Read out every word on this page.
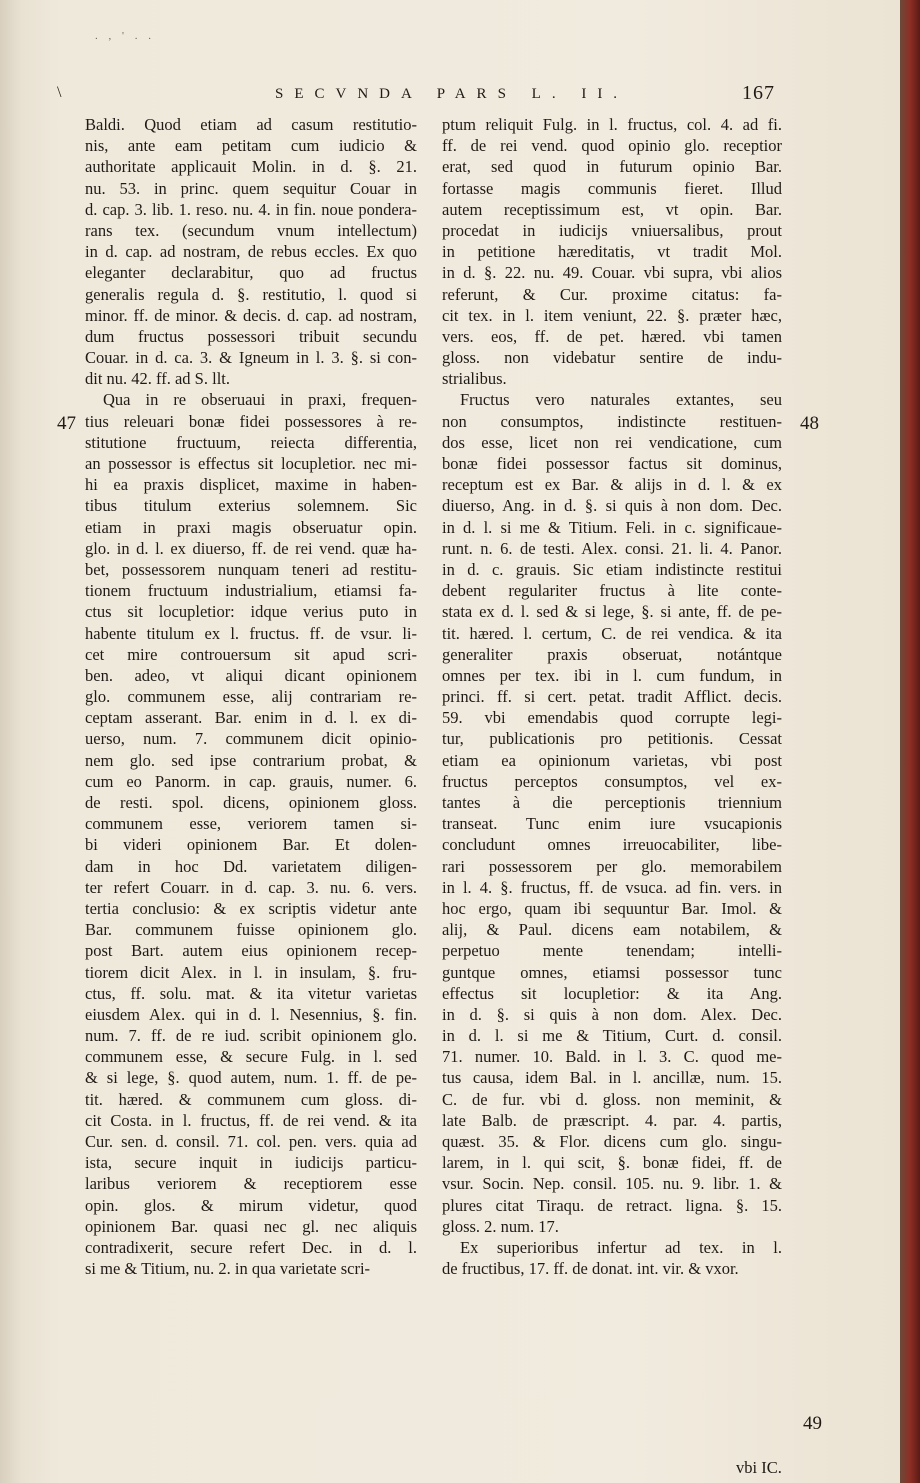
. , ' . .
\	SECVNDA PARS L. II.	167
47	48
49
Baldi. Quod etiam ad casum restitutio-
nis, ante eam petitam cum iudicio &
authoritate applicauit Molin. in d. §. 21.
nu. 53. in princ. quem sequitur Couar in
d. cap. 3. lib. 1. reso. nu. 4. in fin. noue pondera-
rans tex. (secundum vnum intellectum)
in d. cap. ad nostram, de rebus eccles. Ex quo
eleganter declarabitur, quo ad fructus
generalis regula d. §. restitutio, l. quod si
minor. ff. de minor. & decis. d. cap. ad nostram,
dum fructus possessori tribuit secundu
Couar. in d. ca. 3. & Igneum in l. 3. §. si con-
dit nu. 42. ff. ad S. llt.
Qua in re obseruaui in praxi, frequen-
tius releuari bonæ fidei possessores à re-
stitutione fructuum, reiecta differentia,
an possessor is effectus sit locupletior. nec mi-
hi ea praxis displicet, maxime in haben-
tibus titulum exterius solemnem. Sic
etiam in praxi magis obseruatur opin.
glo. in d. l. ex diuerso, ff. de rei vend. quæ ha-
bet, possessorem nunquam teneri ad restitu-
tionem fructuum industrialium, etiamsi fa-
ctus sit locupletior: idque verius puto in
habente titulum ex l. fructus. ff. de vsur. li-
cet mire controuersum sit apud scri-
ben. adeo, vt aliqui dicant opinionem
glo. communem esse, alij contrariam re-
ceptam asserant. Bar. enim in d. l. ex di-
uerso, num. 7. communem dicit opinio-
nem glo. sed ipse contrarium probat, &
cum eo Panorm. in cap. grauis, numer. 6.
de resti. spol. dicens, opinionem gloss.
communem esse, veriorem tamen si-
bi videri opinionem Bar. Et dolen-
dam in hoc Dd. varietatem diligen-
ter refert Couarr. in d. cap. 3. nu. 6. vers.
tertia conclusio: & ex scriptis videtur ante
Bar. communem fuisse opinionem glo.
post Bart. autem eius opinionem recep-
tiorem dicit Alex. in l. in insulam, §. fru-
ctus, ff. solu. mat. & ita vitetur varietas
eiusdem Alex. qui in d. l. Nesennius, §. fin.
num. 7. ff. de re iud. scribit opinionem glo.
communem esse, & secure Fulg. in l. sed
& si lege, §. quod autem, num. 1. ff. de pe-
tit. hæred. & communem cum gloss. di-
cit Costa. in l. fructus, ff. de rei vend. & ita
Cur. sen. d. consil. 71. col. pen. vers. quia ad
ista, secure inquit in iudicijs particu-
laribus veriorem & receptiorem esse
opin. glos. & mirum videtur, quod
opinionem Bar. quasi nec gl. nec aliquis
contradixerit, secure refert Dec. in d. l.
si me & Titium, nu. 2. in qua varietate scri-
ptum reliquit Fulg. in l. fructus, col. 4. ad fi.
ff. de rei vend. quod opinio glo. receptior
erat, sed quod in futurum opinio Bar.
fortasse magis communis fieret. Illud
autem receptissimum est, vt opin. Bar.
procedat in iudicijs vniuersalibus, prout
in petitione hæreditatis, vt tradit Mol.
in d. §. 22. nu. 49. Couar. vbi supra, vbi alios
referunt, & Cur. proxime citatus: fa-
cit tex. in l. item veniunt, 22. §. præter hæc,
vers. eos, ff. de pet. hæred. vbi tamen
gloss. non videbatur sentire de indu-
strialibus.
Fructus vero naturales extantes, seu
non consumptos, indistincte restituen-
dos esse, licet non rei vendicatione, cum
bonæ fidei possessor factus sit dominus,
receptum est ex Bar. & alijs in d. l. & ex
diuerso, Ang. in d. §. si quis à non dom. Dec.
in d. l. si me & Titium. Feli. in c. significaue-
runt. n. 6. de testi. Alex. consi. 21. li. 4. Panor.
in d. c. grauis. Sic etiam indistincte restitui
debent regulariter fructus à lite conte-
stata ex d. l. sed & si lege, §. si ante, ff. de pe-
tit. hæred. l. certum, C. de rei vendica. & ita
generaliter praxis obseruat, notántque
omnes per tex. ibi in l. cum fundum, in
princi. ff. si cert. petat. tradit Afflict. decis.
59. vbi emendabis quod corrupte legi-
tur, publicationis pro petitionis. Cessat
etiam ea opinionum varietas, vbi post
fructus perceptos consumptos, vel ex-
tantes à die perceptionis triennium
transeat. Tunc enim iure vsucapionis
concludunt omnes irreuocabiliter, libe-
rari possessorem per glo. memorabilem
in l. 4. §. fructus, ff. de vsuca. ad fin. vers. in
hoc ergo, quam ibi sequuntur Bar. Imol. &
alij, & Paul. dicens eam notabilem, &
perpetuo mente tenendam; intelli-
guntque omnes, etiamsi possessor tunc
effectus sit locupletior: & ita Ang.
in d. §. si quis à non dom. Alex. Dec.
in d. l. si me & Titium, Curt. d. consil.
71. numer. 10. Bald. in l. 3. C. quod me-
tus causa, idem Bal. in l. ancillæ, num. 15.
C. de fur. vbi d. gloss. non meminit, &
late Balb. de præscript. 4. par. 4. partis,
quæst. 35. & Flor. dicens cum glo. singu-
larem, in l. qui scit, §. bonæ fidei, ff. de
vsur. Socin. Nep. consil. 105. nu. 9. libr. 1. &
plures citat Tiraqu. de retract. ligna. §. 15.
gloss. 2. num. 17.
Ex superioribus infertur ad tex. in l.
de fructibus, 17. ff. de donat. int. vir. & vxor.
vbi IC.
